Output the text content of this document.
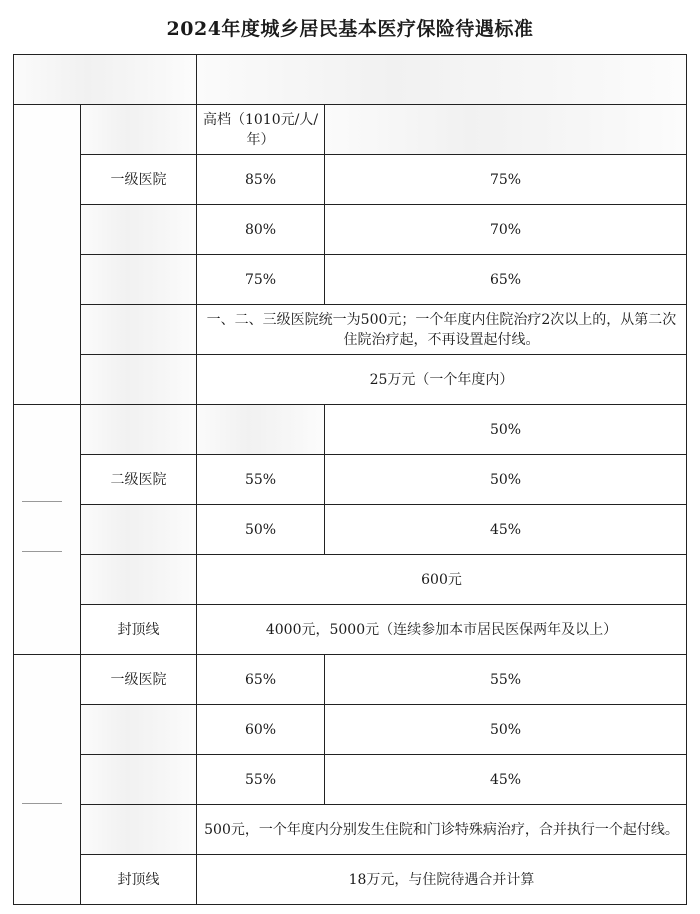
2024年度城乡居民基本医疗保险待遇标准

		高档（1010元/人/年）	
	一级医院	85%	75%
		80%	70%
		75%	65%
		一、二、三级医院统一为500元；一个年度内住院治疗2次以上的，从第二次住院治疗起，不再设置起付线。	
		25万元（一个年度内）	

			50%
	二级医院	55%	50%
		50%	45%
		600元	
	封顶线	4000元，5000元（连续参加本市居民医保两年及以上）	

	一级医院	65%	55%
		60%	50%
		55%	45%
		500元，一个年度内分别发生住院和门诊特殊病治疗，合并执行一个起付线。	
	封顶线	18万元，与住院待遇合并计算	
